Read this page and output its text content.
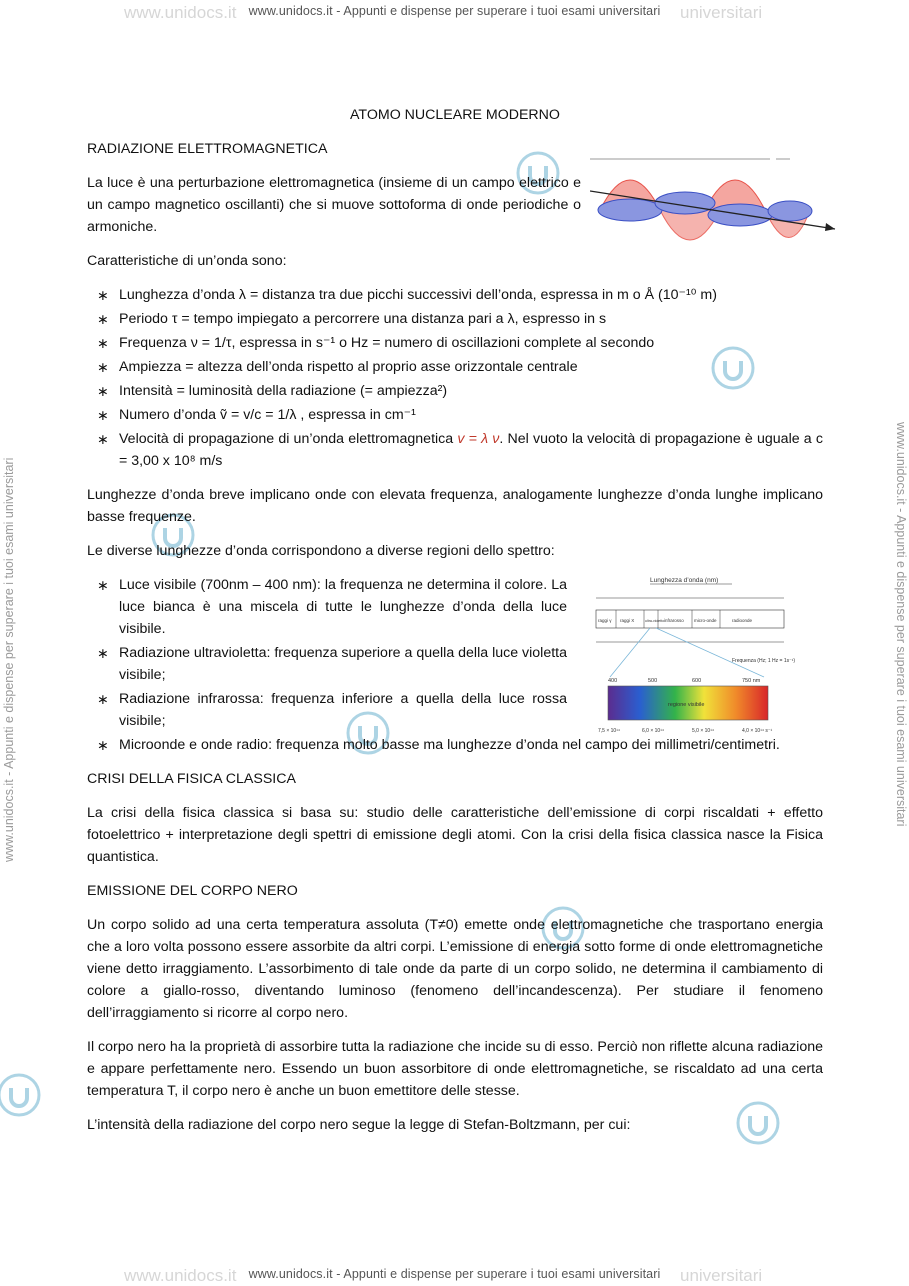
www.unidocs.it - Appunti e dispense per superare i tuoi esami universitari
www.unidocs.it - Appunti e dispense per superare i tuoi esami universitari
www.unidocs.it	universitari
www.unidocs.it	universitari
www.unidocs.it - Appunti e dispense per superare i tuoi esami universitari	www.unidocs.it - Appunti e dispense per superare i tuoi esami universitari
Lunghezza d’onda (nm)
raggi γ raggi X	ultra-violetto infrarosso micro-onde	radioonde
Frequenza (Hz; 1 Hz = 1s⁻¹)
400	500	600	750 nm
regione visibile
7,5 × 10¹⁴	6,0 × 10¹⁴	5,0 × 10¹⁴	4,0 × 10¹⁴ s⁻¹
ATOMO NUCLEARE MODERNO
RADIAZIONE ELETTROMAGNETICA

La luce è una perturbazione elettromagnetica (insieme di un campo elettrico e un campo magnetico oscillanti) che si muove sottoforma di onde periodiche o armoniche.

Caratteristiche di un’onda sono:

∗ Lunghezza d’onda λ = distanza tra due picchi successivi dell’onda, espressa in m o Å (10⁻¹⁰ m)
∗ Periodo τ = tempo impiegato a percorrere una distanza pari a λ, espresso in s
∗ Frequenza ν = 1/τ, espressa in s⁻¹ o Hz = numero di oscillazioni complete al secondo
∗ Ampiezza = altezza dell’onda rispetto al proprio asse orizzontale centrale
∗ Intensità = luminosità della radiazione (= ampiezza²)
∗ Numero d’onda ṽ = v/c = 1/λ , espressa in cm⁻¹
∗ Velocità di propagazione di un’onda elettromagnetica v = λ ν. Nel vuoto la velocità di propagazione è uguale a c = 3,00 x 10⁸ m/s

Lunghezze d’onda breve implicano onde con elevata frequenza, analogamente lunghezze d’onda lunghe implicano basse frequenze.

Le diverse lunghezze d’onda corrispondono a diverse regioni dello spettro:

∗ Luce visibile (700nm – 400 nm): la frequenza ne determina il colore. La luce bianca è una miscela di tutte le lunghezze d’onda della luce visibile.
∗ Radiazione ultravioletta: frequenza superiore a quella della luce violetta visibile;
∗ Radiazione infrarossa: frequenza inferiore a quella della luce rossa visibile;
∗ Microonde e onde radio: frequenza molto basse ma lunghezze d’onda nel campo dei millimetri/centimetri.
CRISI DELLA FISICA CLASSICA

La crisi della fisica classica si basa su: studio delle caratteristiche dell’emissione di corpi riscaldati + effetto fotoelettrico + interpretazione degli spettri di emissione degli atomi. Con la crisi della fisica classica nasce la Fisica quantistica.

EMISSIONE DEL CORPO NERO

Un corpo solido ad una certa temperatura assoluta (T≠0) emette onde elettromagnetiche che trasportano energia che a loro volta possono essere assorbite da altri corpi. L’emissione di energia sotto forme di onde elettromagnetiche viene detto irraggiamento. L’assorbimento di tale onde da parte di un corpo solido, ne determina il cambiamento di colore a giallo-rosso, diventando luminoso (fenomeno dell’incandescenza). Per studiare il fenomeno dell’irraggiamento si ricorre al corpo nero.

Il corpo nero ha la proprietà di assorbire tutta la radiazione che incide su di esso. Perciò non riflette alcuna radiazione e appare perfettamente nero. Essendo un buon assorbitore di onde elettromagnetiche, se riscaldato ad una certa temperatura T, il corpo nero è anche un buon emettitore delle stesse.

L’intensità della radiazione del corpo nero segue la legge di Stefan-Boltzmann, per cui:
